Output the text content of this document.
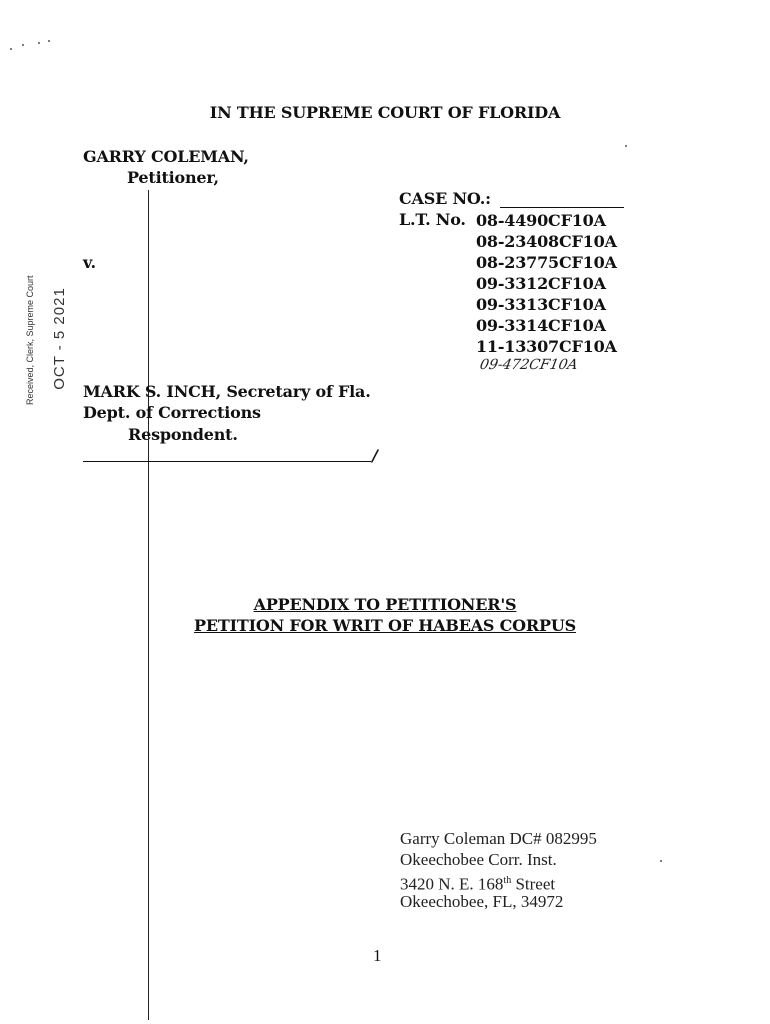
Received, Clerk, Supreme Court OCT - 5 2021
IN THE SUPREME COURT OF FLORIDA
GARRY COLEMAN,
Petitioner,
v.
CASE NO.:
L.T. No. 08-4490CF10A
08-23408CF10A
08-23775CF10A
09-3312CF10A
09-3313CF10A
09-3314CF10A
11-13307CF10A
09-472CF10A
MARK S. INCH, Secretary of Fla.
Dept. of Corrections
Respondent.
/
APPENDIX TO PETITIONER'S
PETITION FOR WRIT OF HABEAS CORPUS
Garry Coleman DC# 082995
Okeechobee Corr. Inst.
3420 N. E. 168th Street
Okeechobee, FL, 34972
1
